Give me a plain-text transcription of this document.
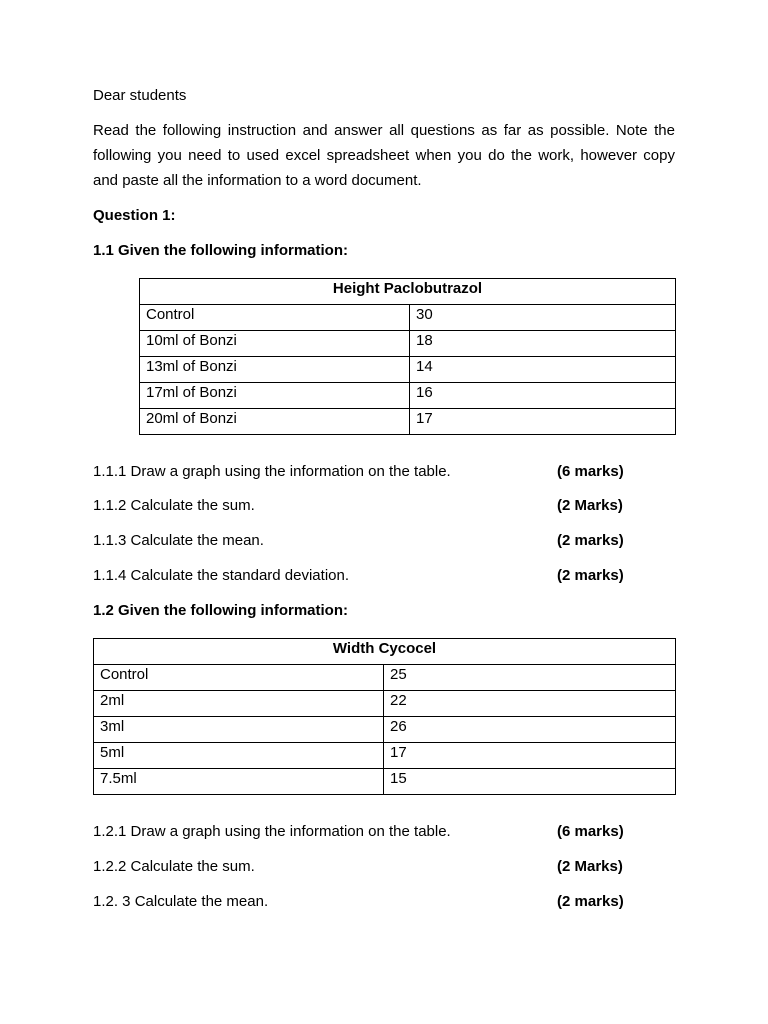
Dear students
Read the following instruction and answer all questions as far as possible. Note the following you need to used excel spreadsheet when you do the work, however copy and paste all the information to a word document.
Question 1:
1.1 Given the following information:
Height Paclobutrazol	
Control	30
10ml of Bonzi	18
13ml of Bonzi	14
17ml of Bonzi	16
20ml of Bonzi	17
1.1.1 Draw a graph using the information on the table.	(6 marks)
1.1.2 Calculate the sum.	(2 Marks)
1.1.3 Calculate the mean.	(2 marks)
1.1.4 Calculate the standard deviation.	(2 marks)
1.2 Given the following information:
Width Cycocel	
Control	25
2ml	22
3ml	26
5ml	17
7.5ml	15
1.2.1 Draw a graph using the information on the table.	(6 marks)
1.2.2 Calculate the sum.	(2 Marks)
1.2. 3 Calculate the mean.	(2 marks)
